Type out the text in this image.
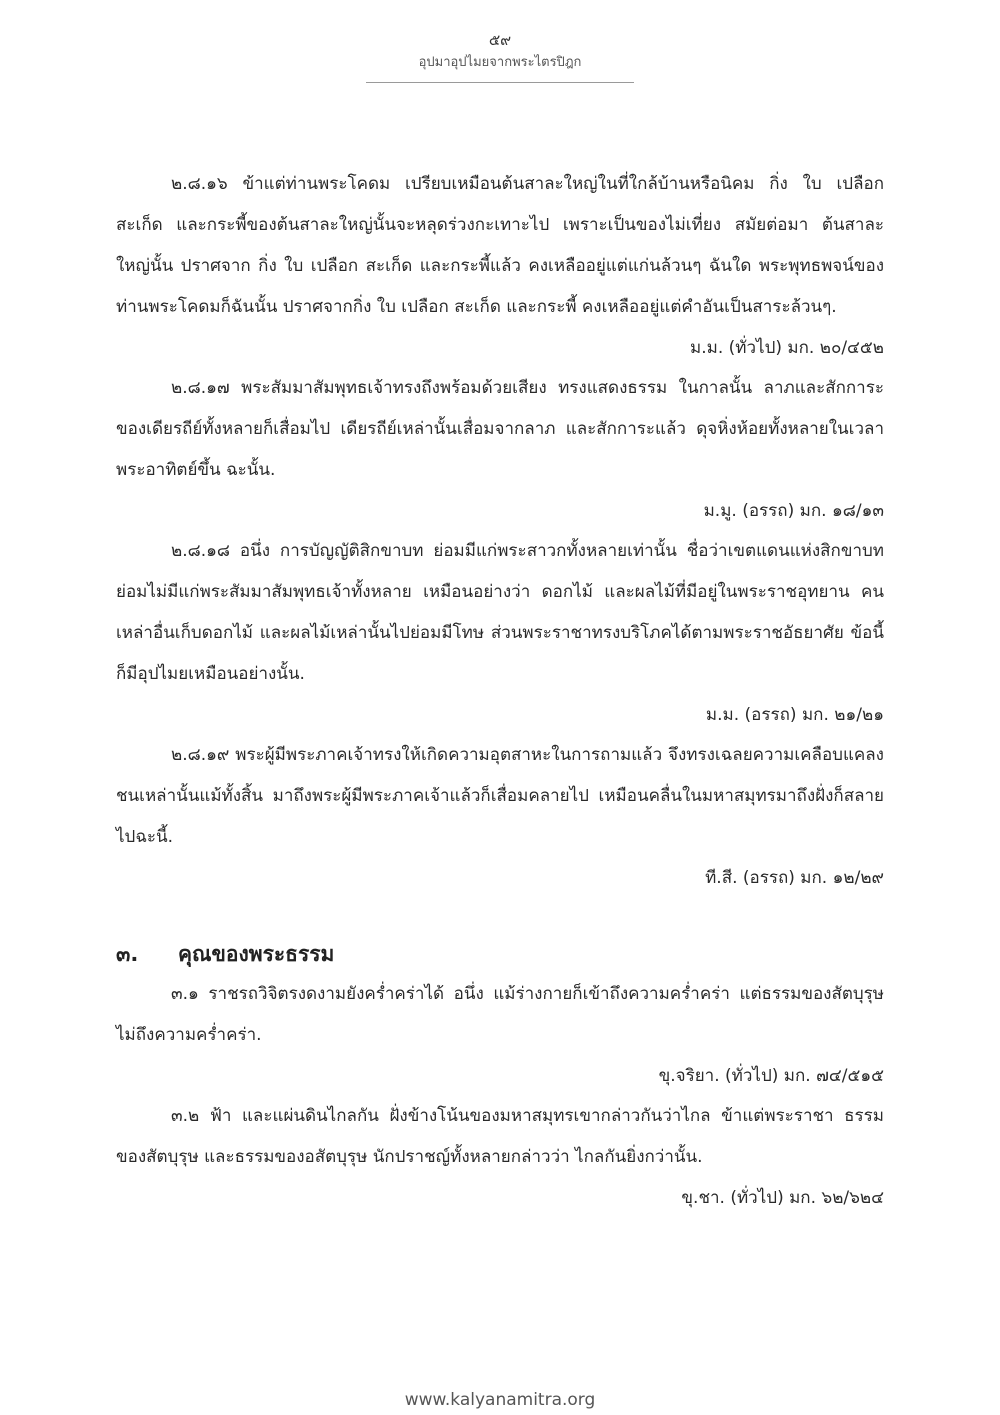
๕๙
อุปมาอุปไมยจากพระไตรปิฎก

๒.๘.๑๖ ข้าแต่ท่านพระโคดม เปรียบเหมือนต้นสาละใหญ่ในที่ใกล้บ้านหรือนิคม กิ่ง ใบ เปลือก สะเก็ด และกระพี้ของต้นสาละใหญ่นั้นจะหลุดร่วงกะเทาะไป เพราะเป็นของไม่เที่ยง สมัยต่อมา ต้นสาละใหญ่นั้น ปราศจาก กิ่ง ใบ เปลือก สะเก็ด และกระพี้แล้ว คงเหลืออยู่แต่แก่นล้วนๆ ฉันใด พระพุทธพจน์ของท่านพระโคดมก็ฉันนั้น ปราศจากกิ่ง ใบ เปลือก สะเก็ด และกระพี้ คงเหลืออยู่แต่คำอันเป็นสาระล้วนๆ.

ม.ม. (ทั่วไป) มก. ๒๐/๔๕๒

๒.๘.๑๗ พระสัมมาสัมพุทธเจ้าทรงถึงพร้อมด้วยเสียง ทรงแสดงธรรม ในกาลนั้น ลาภและสักการะของเดียรถีย์ทั้งหลายก็เสื่อมไป เดียรถีย์เหล่านั้นเสื่อมจากลาภ และสักการะแล้ว ดุจหิ่งห้อยทั้งหลายในเวลาพระอาทิตย์ขึ้น ฉะนั้น.

ม.มู. (อรรถ) มก. ๑๘/๑๓

๒.๘.๑๘ อนึ่ง การบัญญัติสิกขาบท ย่อมมีแก่พระสาวกทั้งหลายเท่านั้น ชื่อว่าเขตแดนแห่งสิกขาบทย่อมไม่มีแก่พระสัมมาสัมพุทธเจ้าทั้งหลาย เหมือนอย่างว่า ดอกไม้ และผลไม้ที่มีอยู่ในพระราชอุทยาน คนเหล่าอื่นเก็บดอกไม้ และผลไม้เหล่านั้นไปย่อมมีโทษ ส่วนพระราชาทรงบริโภคได้ตามพระราชอัธยาศัย ข้อนี้ก็มีอุปไมยเหมือนอย่างนั้น.

ม.ม. (อรรถ) มก. ๒๑/๒๑

๒.๘.๑๙ พระผู้มีพระภาคเจ้าทรงให้เกิดความอุตสาหะในการถามแล้ว จึงทรงเฉลยความเคลือบแคลง ชนเหล่านั้นแม้ทั้งสิ้น มาถึงพระผู้มีพระภาคเจ้าแล้วก็เสื่อมคลายไป เหมือนคลื่นในมหาสมุทรมาถึงฝั่งก็สลายไปฉะนี้.

ที.สี. (อรรถ) มก. ๑๒/๒๙

๓. คุณของพระธรรม

๓.๑ ราชรถวิจิตรงดงามยังคร่ำคร่าได้ อนึ่ง แม้ร่างกายก็เข้าถึงความคร่ำคร่า แต่ธรรมของสัตบุรุษไม่ถึงความคร่ำคร่า.

ขุ.จริยา. (ทั่วไป) มก. ๗๔/๕๑๕

๓.๒ ฟ้า และแผ่นดินไกลกัน ฝั่งข้างโน้นของมหาสมุทรเขากล่าวกันว่าไกล ข้าแต่พระราชา ธรรมของสัตบุรุษ และธรรมของอสัตบุรุษ นักปราชญ์ทั้งหลายกล่าวว่า ไกลกันยิ่งกว่านั้น.

ขุ.ชา. (ทั่วไป) มก. ๖๒/๖๒๔

www.kalyanamitra.org
